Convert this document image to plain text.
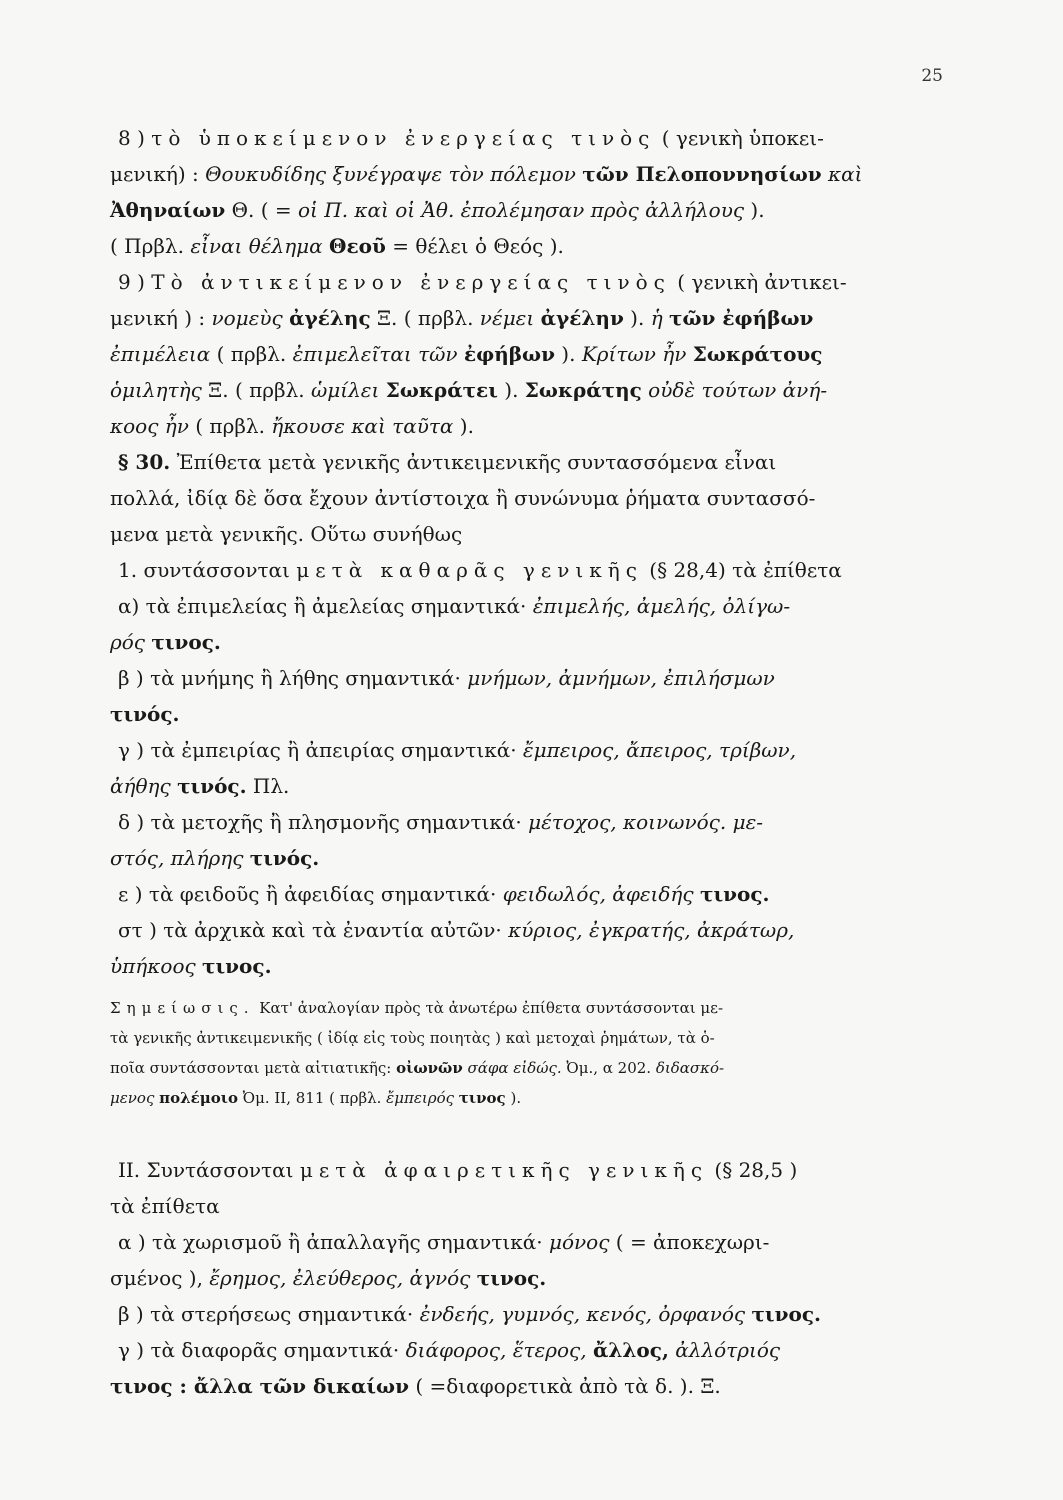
25
8 ) τὸ ὑποκείμενον ἐνεργείας τινὸς ( γενικὴ ὑποκει-
μενική) : Θουκυδίδης ξυνέγραψε τὸν πόλεμον τῶν Πελοποννησίων καὶ
Ἀθηναίων Θ. ( = οἱ Π. καὶ οἱ Ἀθ. ἐπολέμησαν πρὸς ἀλλήλους ).
( Πρβλ. εἶναι θέλημα Θεοῦ = θέλει ὁ Θεός ).
9 ) Τὸ ἀντικείμενον ἐνεργείας τινὸς ( γενικὴ ἀντικει-
μενική ) : νομεὺς ἀγέλης Ξ. ( πρβλ. νέμει ἀγέλην ). ἡ τῶν ἐφήβων
ἐπιμέλεια ( πρβλ. ἐπιμελεῖται τῶν ἐφήβων ). Κρίτων ἦν Σωκράτους
ὁμιλητὴς Ξ. ( πρβλ. ὡμίλει Σωκράτει ). Σωκράτης οὐδὲ τούτων ἀνή-
κοος ἦν ( πρβλ. ἤκουσε καὶ ταῦτα ).
§ 30. Ἐπίθετα μετὰ γενικῆς ἀντικειμενικῆς συντασσόμενα εἶναι
πολλά, ἰδίᾳ δὲ ὅσα ἔχουν ἀντίστοιχα ἢ συνώνυμα ῥήματα συντασσό-
μενα μετὰ γενικῆς. Οὕτω συνήθως
1. συντάσσονται μετὰ καθαρᾶς γενικῆς (§ 28,4) τὰ ἐπίθετα
α) τὰ ἐπιμελείας ἢ ἀμελείας σημαντικά· ἐπιμελής, ἀμελής, ὀλίγω-
ρός τινος.
β ) τὰ μνήμης ἢ λήθης σημαντικά· μνήμων, ἀμνήμων, ἐπιλήσμων
τινός.
γ ) τὰ ἐμπειρίας ἢ ἀπειρίας σημαντικά· ἔμπειρος, ἄπειρος, τρίβων,
ἀήθης τινός. Πλ.
δ ) τὰ μετοχῆς ἢ πλησμονῆς σημαντικά· μέτοχος, κοινωνός. με-
στός, πλήρης τινός.
ε ) τὰ φειδοῦς ἢ ἀφειδίας σημαντικά· φειδωλός, ἀφειδής τινος.
στ ) τὰ ἀρχικὰ καὶ τὰ ἐναντία αὐτῶν· κύριος, ἐγκρατής, ἀκράτωρ,
ὑπήκοος τινος.
Σημείωσις. Κατ' ἀναλογίαν πρὸς τὰ ἀνωτέρω ἐπίθετα συντάσσονται με-
τὰ γενικῆς ἀντικειμενικῆς ( ἰδίᾳ εἰς τοὺς ποιητὰς ) καὶ μετοχαὶ ῥημάτων, τὰ ὁ-
ποῖα συντάσσονται μετὰ αἰτιατικῆς: οἰωνῶν σάφα εἰδώς. Ὀμ., α 202. διδασκό-
μενος πολέμοιο Ὀμ. ΙΙ, 811 ( πρβλ. ἔμπειρός τινος ).
ΙΙ. Συντάσσονται μετὰ ἀφαιρετικῆς γενικῆς (§ 28,5 )
τὰ ἐπίθετα
α ) τὰ χωρισμοῦ ἢ ἀπαλλαγῆς σημαντικά· μόνος ( = ἀποκεχωρι-
σμένος ), ἔρημος, ἐλεύθερος, ἁγνός τινος.
β ) τὰ στερήσεως σημαντικά· ἐνδεής, γυμνός, κενός, ὀρφανός τινος.
γ ) τὰ διαφορᾶς σημαντικά· διάφορος, ἕτερος, ἄλλος, ἀλλότριός
τινος : ἄλλα τῶν δικαίων ( =διαφορετικὰ ἀπὸ τὰ δ. ). Ξ.
